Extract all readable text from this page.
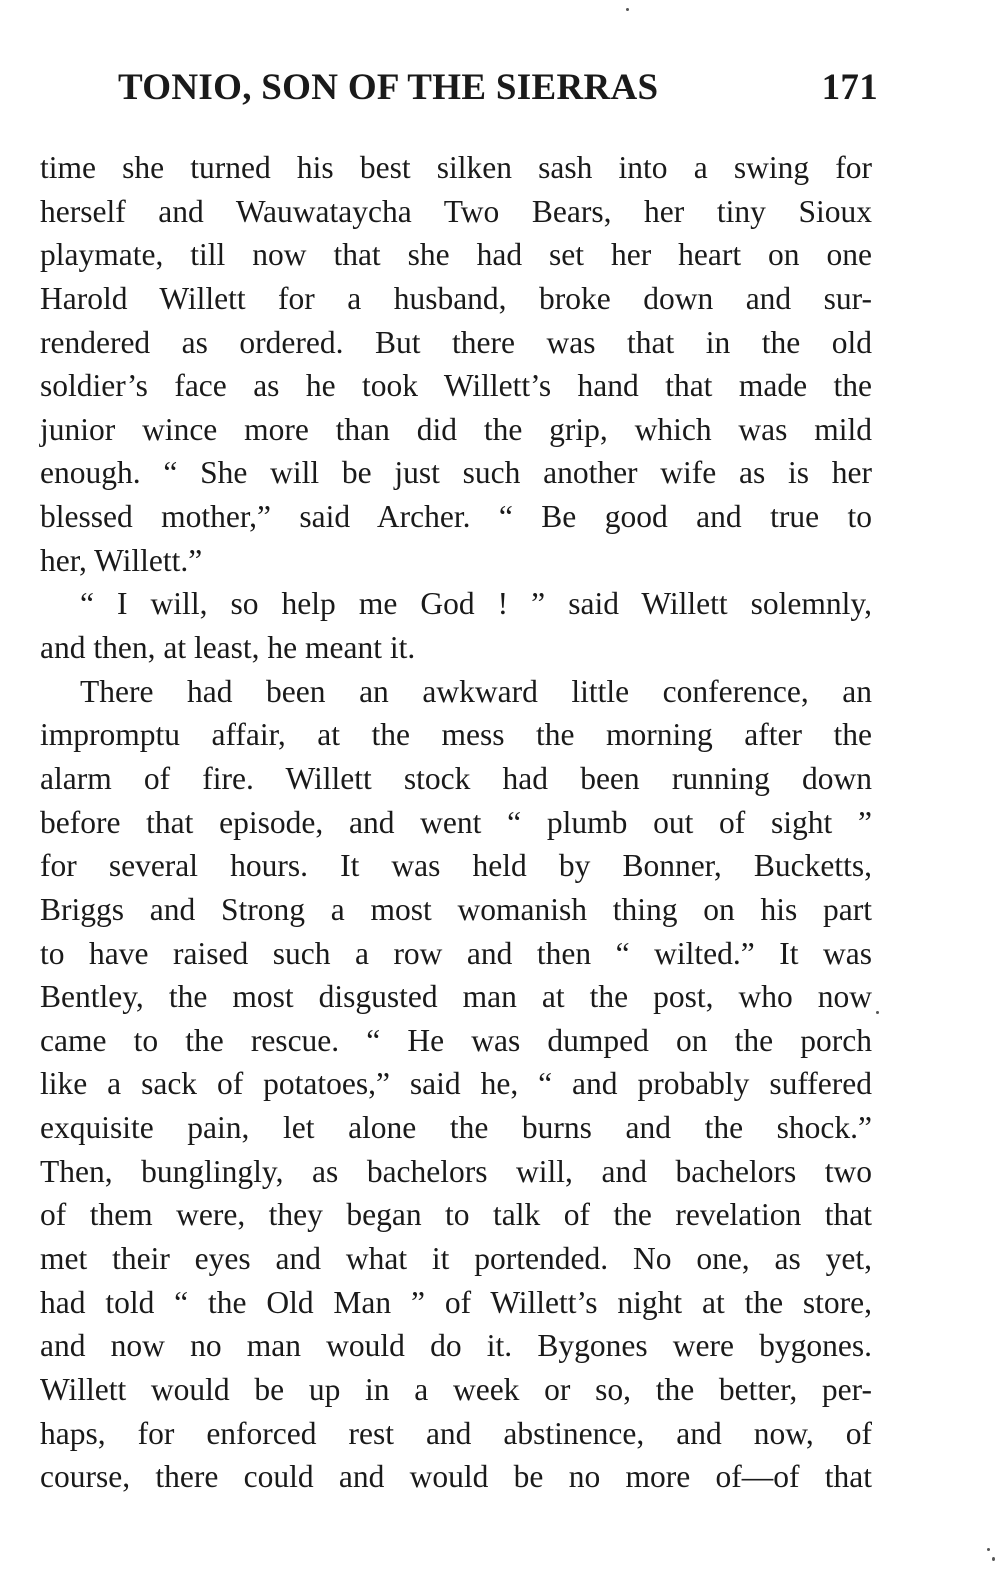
TONIO, SON OF THE SIERRAS	171
time she turned his best silken sash into a swing for
herself and Wauwataycha Two Bears, her tiny Sioux
playmate, till now that she had set her heart on one
Harold Willett for a husband, broke down and sur-
rendered as ordered. But there was that in the old
soldier’s face as he took Willett’s hand that made the
junior wince more than did the grip, which was mild
enough. “ She will be just such another wife as is her
blessed mother,” said Archer. “ Be good and true to
her, Willett.”
“ I will, so help me God ! ” said Willett solemnly,
and then, at least, he meant it.
There had been an awkward little conference, an
impromptu affair, at the mess the morning after the
alarm of fire. Willett stock had been running down
before that episode, and went “ plumb out of sight ”
for several hours. It was held by Bonner, Bucketts,
Briggs and Strong a most womanish thing on his part
to have raised such a row and then “ wilted.” It was
Bentley, the most disgusted man at the post, who now
came to the rescue. “ He was dumped on the porch
like a sack of potatoes,” said he, “ and probably suffered
exquisite pain, let alone the burns and the shock.”
Then, bunglingly, as bachelors will, and bachelors two
of them were, they began to talk of the revelation that
met their eyes and what it portended. No one, as yet,
had told “ the Old Man ” of Willett’s night at the store,
and now no man would do it. Bygones were bygones.
Willett would be up in a week or so, the better, per-
haps, for enforced rest and abstinence, and now, of
course, there could and would be no more of—of that
